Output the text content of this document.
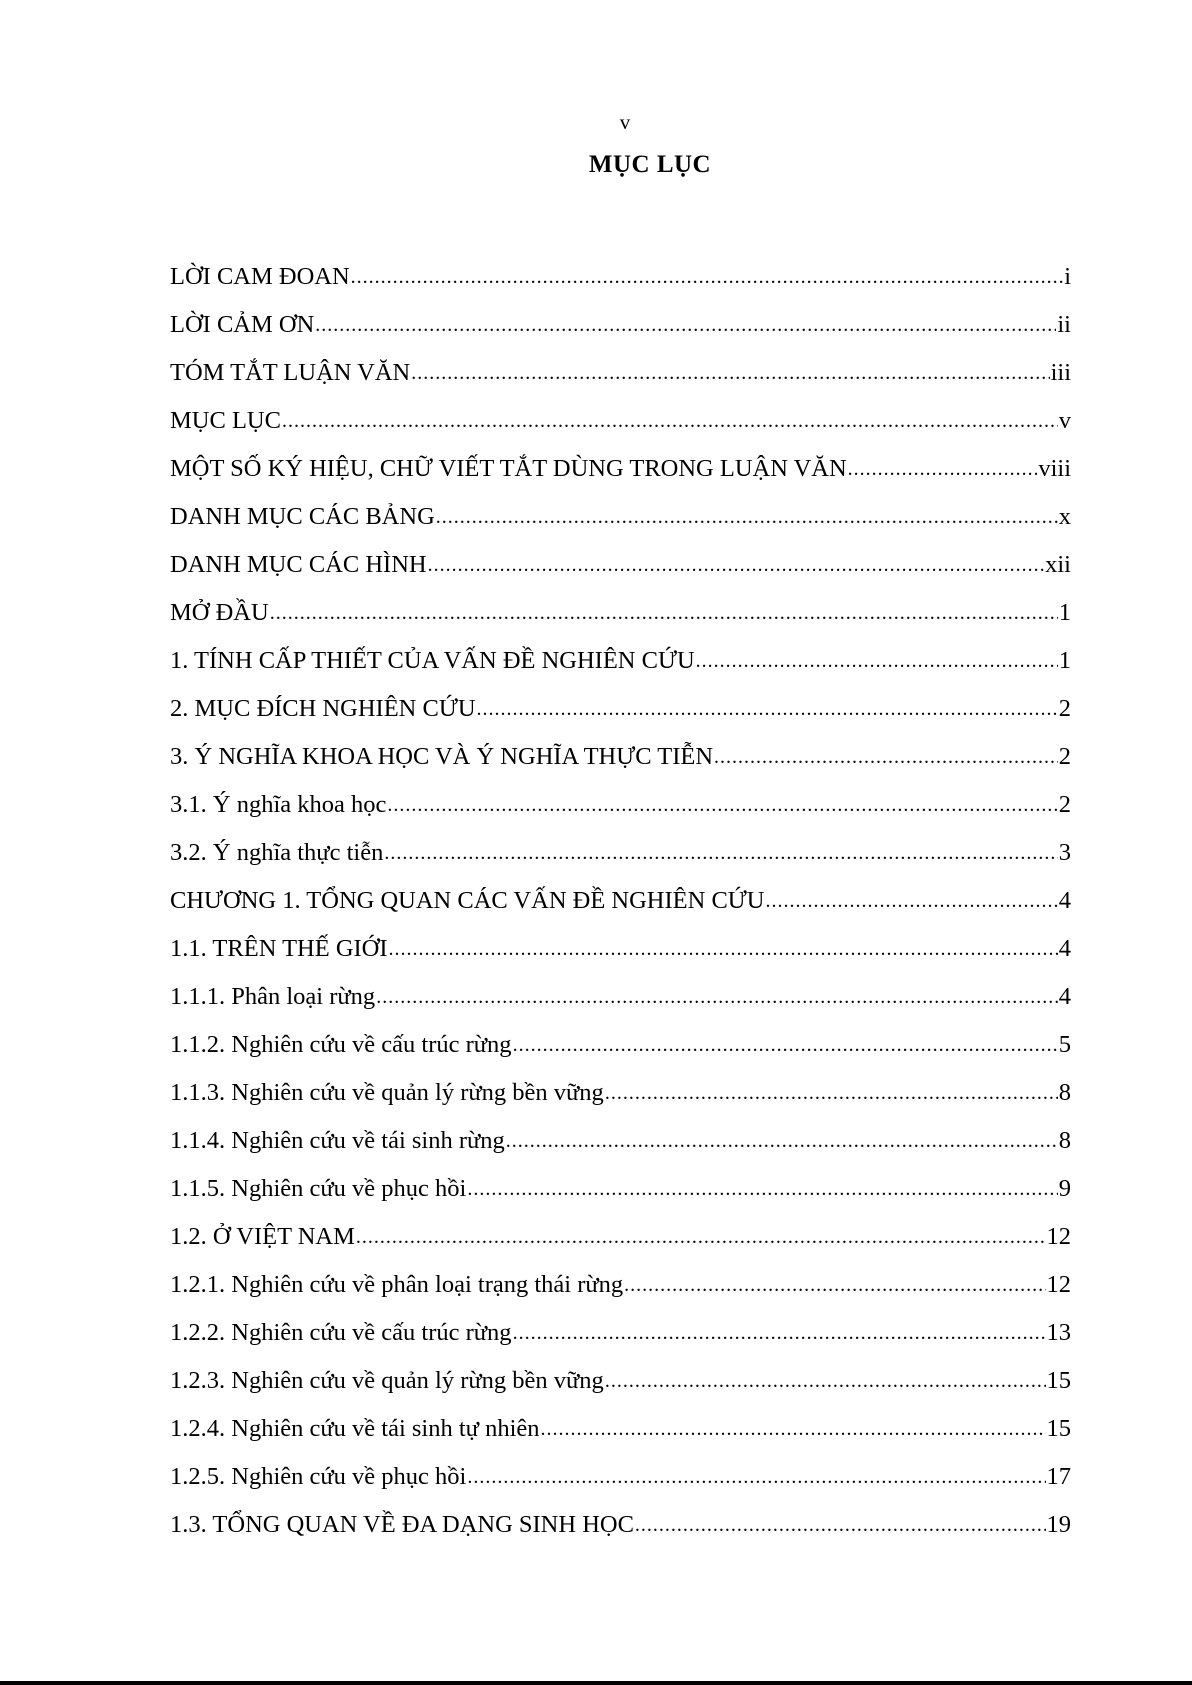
v
MỤC LỤC
LỜI CAM ĐOAN .....	i
LỜI CẢM ƠN .....	ii
TÓM TẮT LUẬN VĂN .....	iii
MỤC LỤC .....	v
MỘT SỐ KÝ HIỆU, CHỮ VIẾT TẮT DÙNG TRONG LUẬN VĂN .....	viii
DANH MỤC CÁC BẢNG .....	x
DANH MỤC CÁC HÌNH .....	xii
MỞ ĐẦU .....	1
1. TÍNH CẤP THIẾT CỦA VẤN ĐỀ NGHIÊN CỨU .....	1
2. MỤC ĐÍCH NGHIÊN CỨU .....	2
3. Ý NGHĨA KHOA HỌC VÀ Ý NGHĨA THỰC TIỄN .....	2
3.1. Ý nghĩa khoa học .....	2
3.2. Ý nghĩa thực tiễn .....	3
CHƯƠNG 1. TỔNG QUAN CÁC VẤN ĐỀ NGHIÊN CỨU .....	4
1.1. TRÊN THẾ GIỚI .....	4
1.1.1. Phân loại rừng .....	4
1.1.2. Nghiên cứu về cấu trúc rừng .....	5
1.1.3. Nghiên cứu về quản lý rừng bền vững .....	8
1.1.4. Nghiên cứu về tái sinh rừng .....	8
1.1.5. Nghiên cứu về phục hồi .....	9
1.2. Ở VIỆT NAM .....	12
1.2.1. Nghiên cứu về phân loại trạng thái rừng .....	12
1.2.2. Nghiên cứu về cấu trúc rừng .....	13
1.2.3. Nghiên cứu về quản lý rừng bền vững .....	15
1.2.4. Nghiên cứu về tái sinh tự nhiên .....	15
1.2.5. Nghiên cứu về phục hồi .....	17
1.3. TỔNG QUAN VỀ ĐA DẠNG SINH HỌC .....	19
